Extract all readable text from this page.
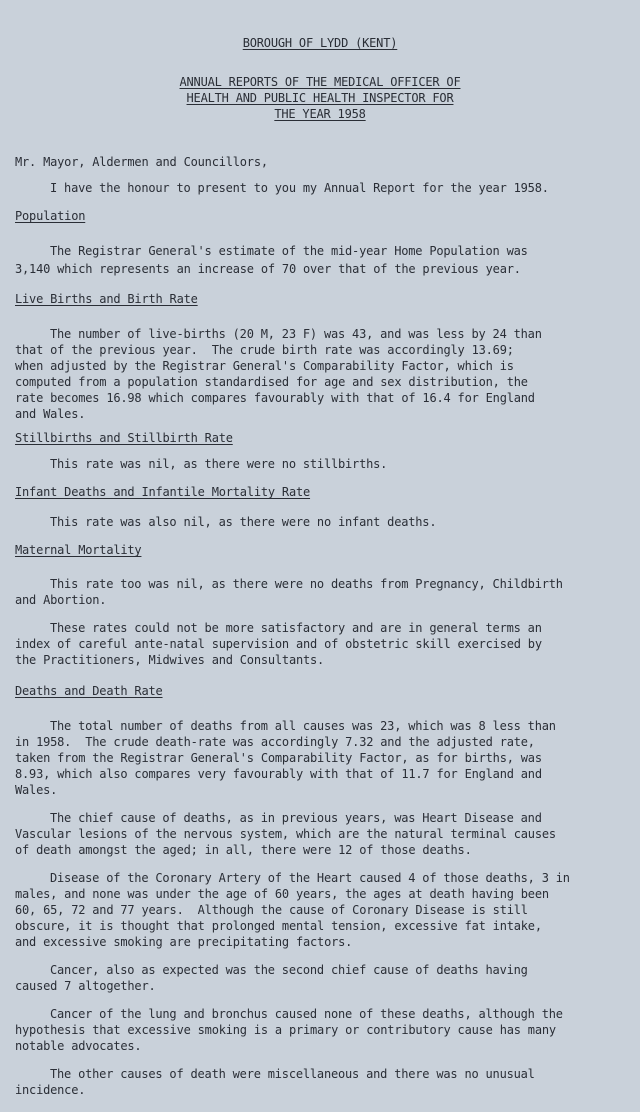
BOROUGH OF LYDD (KENT)
ANNUAL REPORTS OF THE MEDICAL OFFICER OF
HEALTH AND PUBLIC HEALTH INSPECTOR FOR
THE YEAR 1958
Mr. Mayor, Aldermen and Councillors,
I have the honour to present to you my Annual Report for the year 1958.
Population
The Registrar General's estimate of the mid-year Home Population was
3,140 which represents an increase of 70 over that of the previous year.
Live Births and Birth Rate
The number of live-births (20 M, 23 F) was 43, and was less by 24 than
that of the previous year.  The crude birth rate was accordingly 13.69;
when adjusted by the Registrar General's Comparability Factor, which is
computed from a population standardised for age and sex distribution, the
rate becomes 16.98 which compares favourably with that of 16.4 for England
and Wales.
Stillbirths and Stillbirth Rate
This rate was nil, as there were no stillbirths.
Infant Deaths and Infantile Mortality Rate
This rate was also nil, as there were no infant deaths.
Maternal Mortality
This rate too was nil, as there were no deaths from Pregnancy, Childbirth
and Abortion.
These rates could not be more satisfactory and are in general terms an
index of careful ante-natal supervision and of obstetric skill exercised by
the Practitioners, Midwives and Consultants.
Deaths and Death Rate
The total number of deaths from all causes was 23, which was 8 less than
in 1958.  The crude death-rate was accordingly 7.32 and the adjusted rate,
taken from the Registrar General's Comparability Factor, as for births, was
8.93, which also compares very favourably with that of 11.7 for England and
Wales.
The chief cause of deaths, as in previous years, was Heart Disease and
Vascular lesions of the nervous system, which are the natural terminal causes
of death amongst the aged; in all, there were 12 of those deaths.
Disease of the Coronary Artery of the Heart caused 4 of those deaths, 3 in
males, and none was under the age of 60 years, the ages at death having been
60, 65, 72 and 77 years.  Although the cause of Coronary Disease is still
obscure, it is thought that prolonged mental tension, excessive fat intake,
and excessive smoking are precipitating factors.
Cancer, also as expected was the second chief cause of deaths having
caused 7 altogether.
Cancer of the lung and bronchus caused none of these deaths, although the
hypothesis that excessive smoking is a primary or contributory cause has many
notable advocates.
The other causes of death were miscellaneous and there was no unusual
incidence.
